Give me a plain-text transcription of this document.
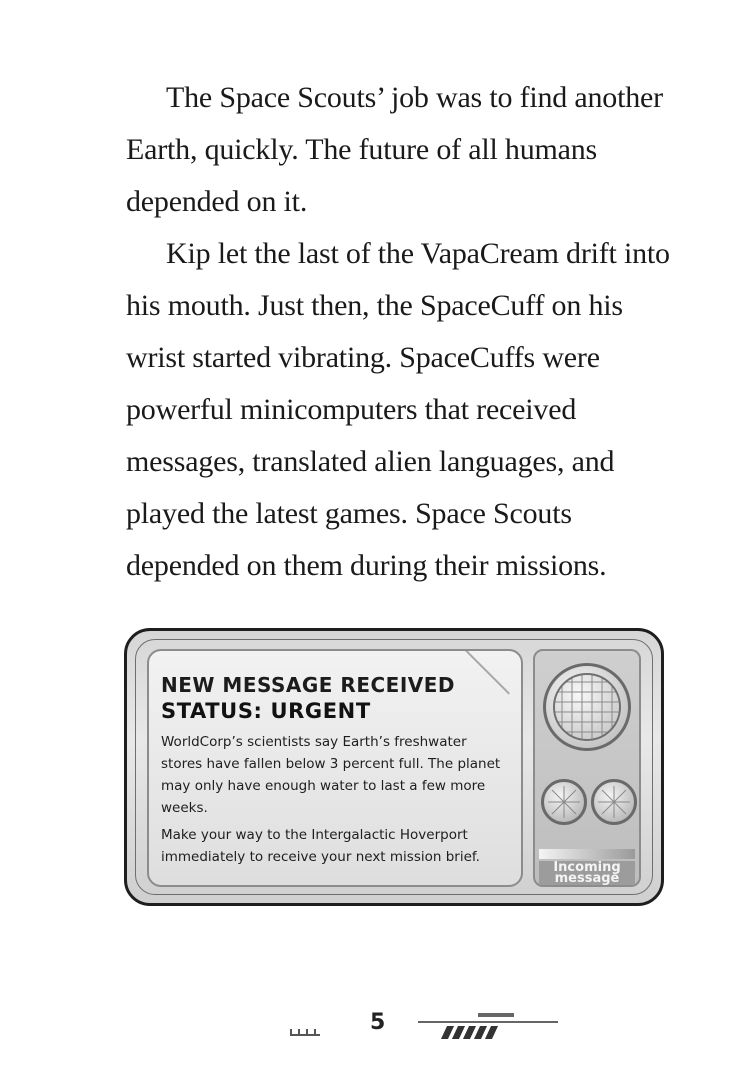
The Space Scouts’ job was to find another Earth, quickly. The future of all humans depended on it.

Kip let the last of the VapaCream drift into his mouth. Just then, the SpaceCuff on his wrist started vibrating. SpaceCuffs were powerful minicomputers that received messages, translated alien languages, and played the latest games. Space Scouts depended on them during their missions.

NEW MESSAGE RECEIVED
STATUS: URGENT

WorldCorp’s scientists say Earth’s freshwater stores have fallen below 3 percent full. The planet may only have enough water to last a few more weeks.

Make your way to the Intergalactic Hoverport immediately to receive your next mission brief.

Incoming
message
5
